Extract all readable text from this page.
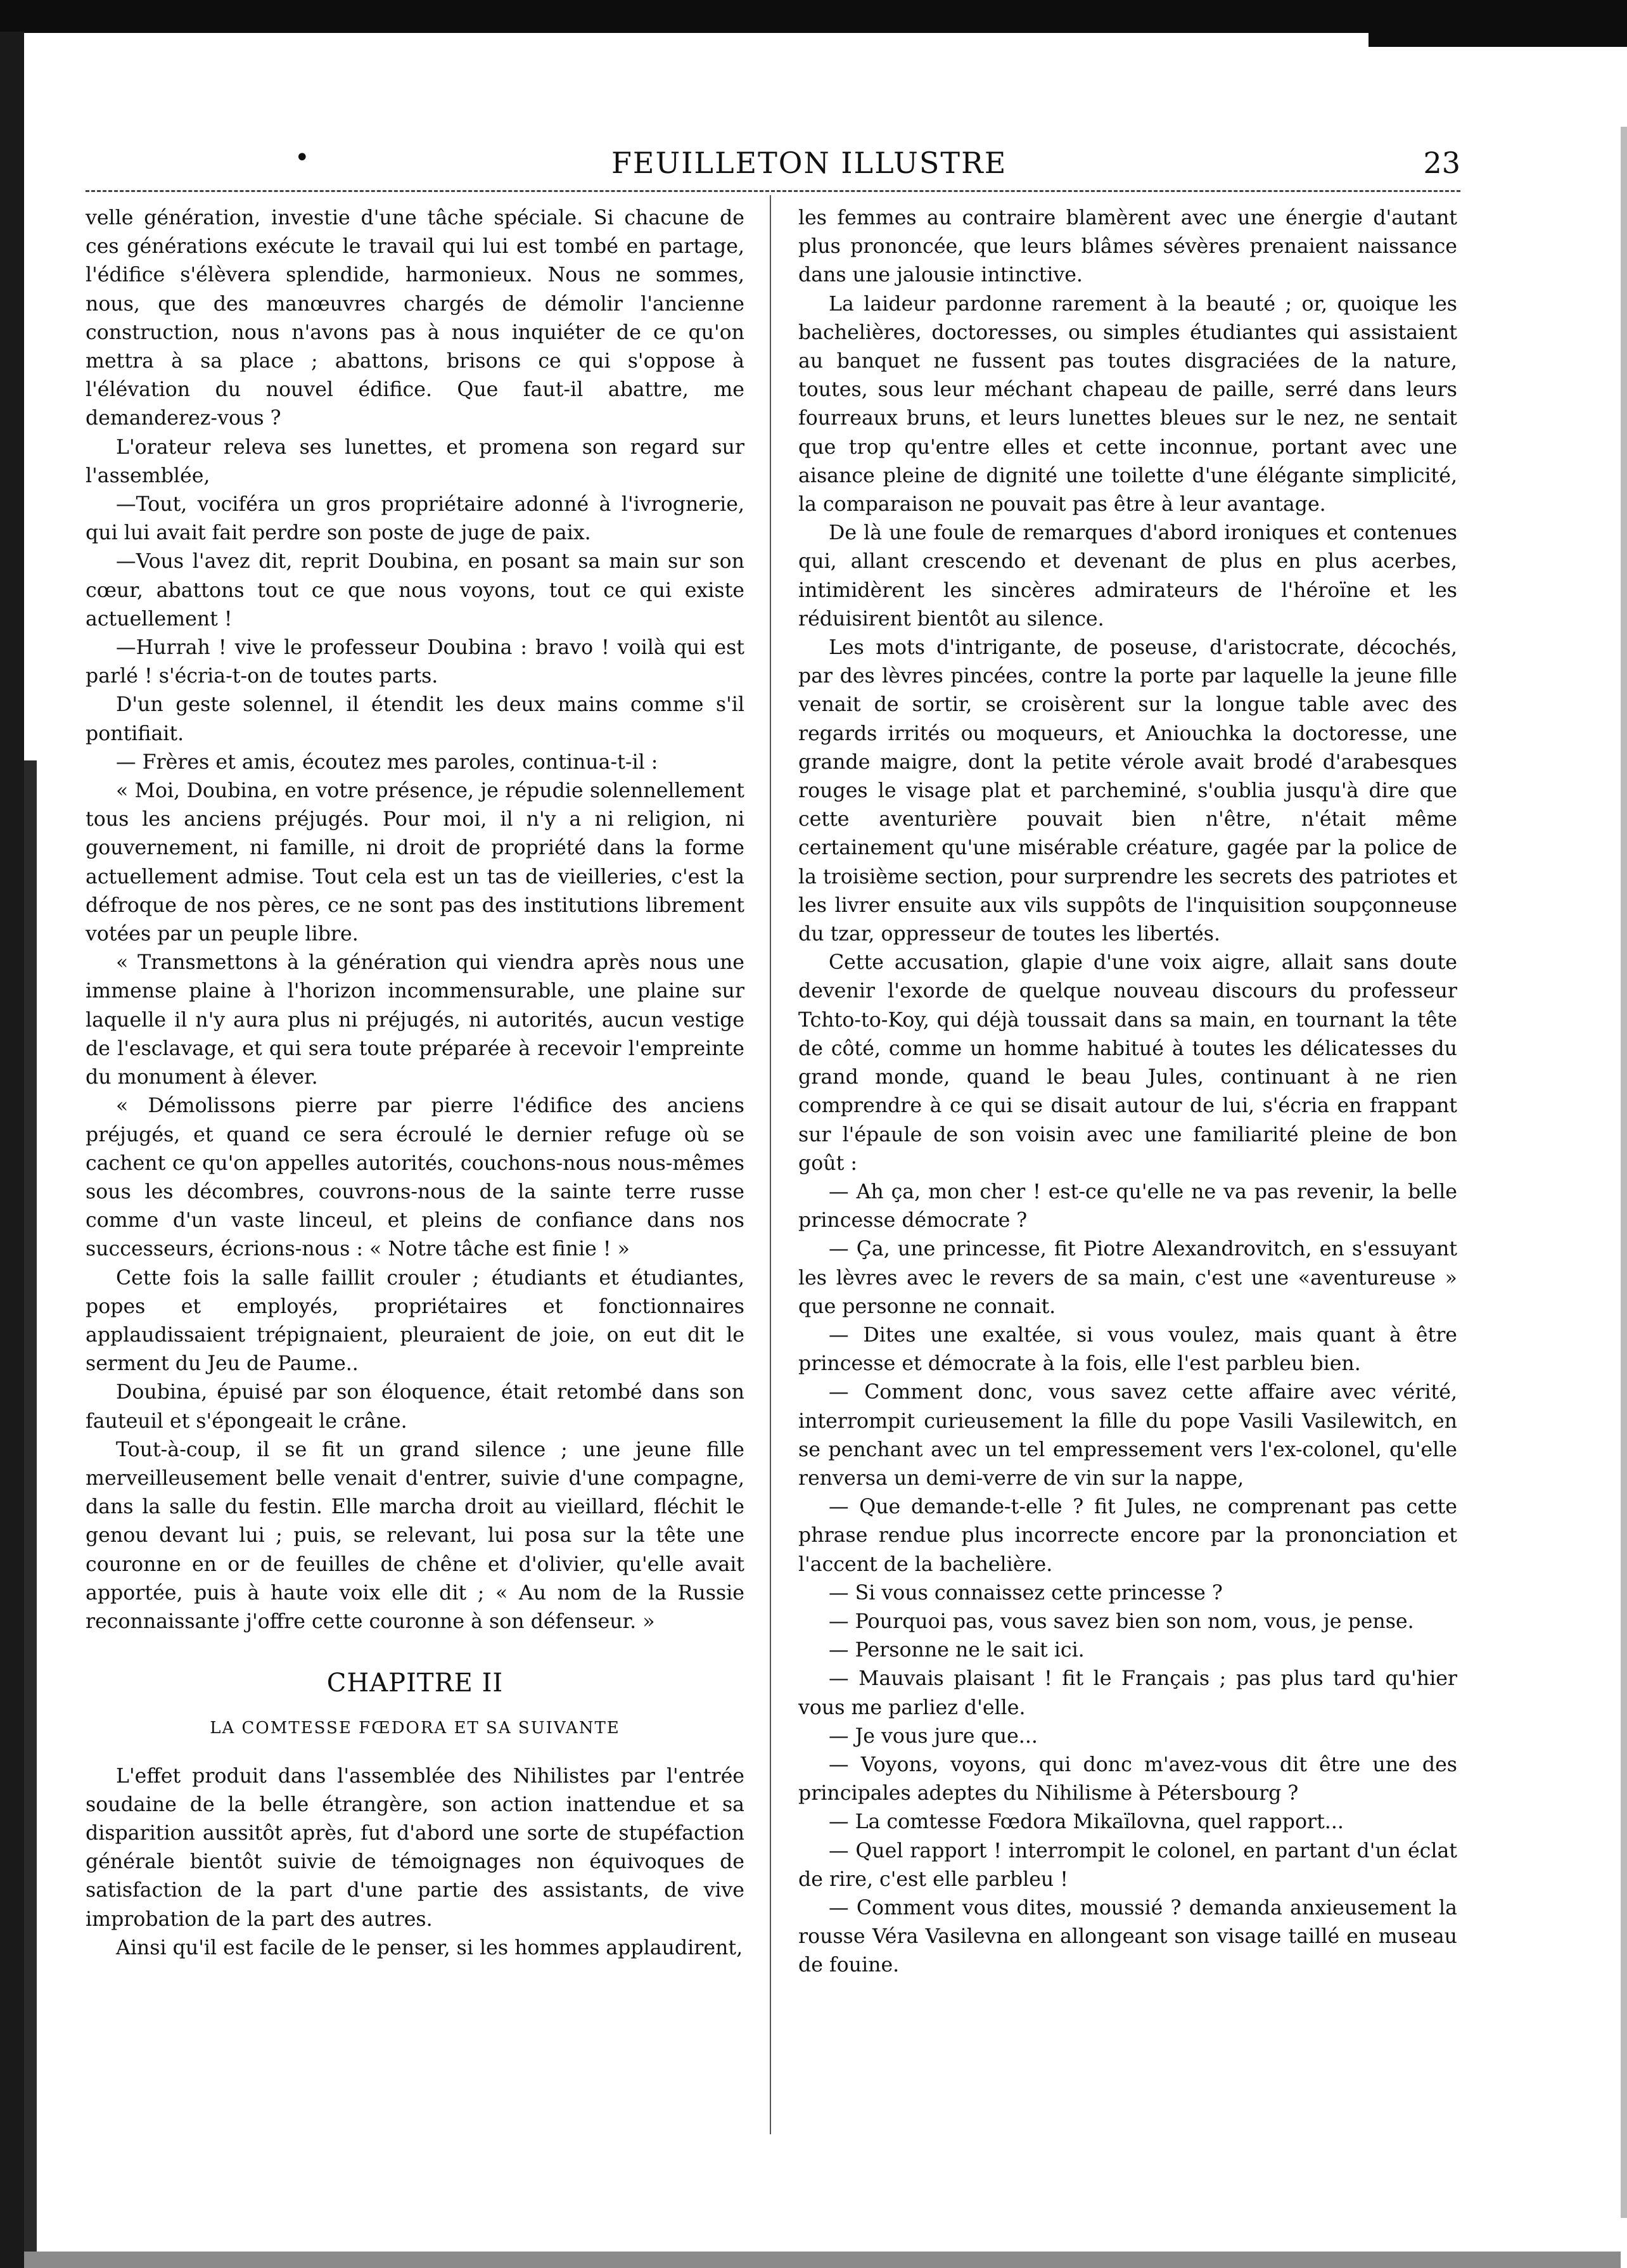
•	FEUILLETON ILLUSTRE	23

velle génération, investie d'une tâche spéciale. Si chacune de ces générations exécute le travail qui lui est tombé en partage, l'édifice s'élèvera splendide, harmonieux. Nous ne sommes, nous, que des manœuvres chargés de démolir l'ancienne construction, nous n'avons pas à nous inquiéter de ce qu'on mettra à sa place ; abattons, brisons ce qui s'oppose à l'élévation du nouvel édifice. Que faut-il abattre, me demanderez-vous ?

L'orateur releva ses lunettes, et promena son regard sur l'assemblée,

—Tout, vociféra un gros propriétaire adonné à l'ivrognerie, qui lui avait fait perdre son poste de juge de paix.

—Vous l'avez dit, reprit Doubina, en posant sa main sur son cœur, abattons tout ce que nous voyons, tout ce qui existe actuellement !

—Hurrah ! vive le professeur Doubina : bravo ! voilà qui est parlé ! s'écria-t-on de toutes parts.

D'un geste solennel, il étendit les deux mains comme s'il pontifiait.

— Frères et amis, écoutez mes paroles, continua-t-il :

« Moi, Doubina, en votre présence, je répudie solennellement tous les anciens préjugés. Pour moi, il n'y a ni religion, ni gouvernement, ni famille, ni droit de propriété dans la forme actuellement admise. Tout cela est un tas de vieilleries, c'est la défroque de nos pères, ce ne sont pas des institutions librement votées par un peuple libre.

« Transmettons à la génération qui viendra après nous une immense plaine à l'horizon incommensurable, une plaine sur laquelle il n'y aura plus ni préjugés, ni autorités, aucun vestige de l'esclavage, et qui sera toute préparée à recevoir l'empreinte du monument à élever.

« Démolissons pierre par pierre l'édifice des anciens préjugés, et quand ce sera écroulé le dernier refuge où se cachent ce qu'on appelles autorités, couchons-nous nous-mêmes sous les décombres, couvrons-nous de la sainte terre russe comme d'un vaste linceul, et pleins de confiance dans nos successeurs, écrions-nous : « Notre tâche est finie ! »

Cette fois la salle faillit crouler ; étudiants et étudiantes, popes et employés, propriétaires et fonctionnaires applaudissaient trépignaient, pleuraient de joie, on eut dit le serment du Jeu de Paume..

Doubina, épuisé par son éloquence, était retombé dans son fauteuil et s'épongeait le crâne.

Tout-à-coup, il se fit un grand silence ; une jeune fille merveilleusement belle venait d'entrer, suivie d'une compagne, dans la salle du festin. Elle marcha droit au vieillard, fléchit le genou devant lui ; puis, se relevant, lui posa sur la tête une couronne en or de feuilles de chêne et d'olivier, qu'elle avait apportée, puis à haute voix elle dit ; « Au nom de la Russie reconnaissante j'offre cette couronne à son défenseur. »

CHAPITRE II

LA COMTESSE FŒDORA ET SA SUIVANTE

L'effet produit dans l'assemblée des Nihilistes par l'entrée soudaine de la belle étrangère, son action inattendue et sa disparition aussitôt après, fut d'abord une sorte de stupéfaction générale bientôt suivie de témoignages non équivoques de satisfaction de la part d'une partie des assistants, de vive improbation de la part des autres.

Ainsi qu'il est facile de le penser, si les hommes applaudirent,

les femmes au contraire blamèrent avec une énergie d'autant plus prononcée, que leurs blâmes sévères prenaient naissance dans une jalousie intinctive.

La laideur pardonne rarement à la beauté ; or, quoique les bachelières, doctoresses, ou simples étudiantes qui assistaient au banquet ne fussent pas toutes disgraciées de la nature, toutes, sous leur méchant chapeau de paille, serré dans leurs fourreaux bruns, et leurs lunettes bleues sur le nez, ne sentait que trop qu'entre elles et cette inconnue, portant avec une aisance pleine de dignité une toilette d'une élégante simplicité, la comparaison ne pouvait pas être à leur avantage.

De là une foule de remarques d'abord ironiques et contenues qui, allant crescendo et devenant de plus en plus acerbes, intimidèrent les sincères admirateurs de l'héroïne et les réduisirent bientôt au silence.

Les mots d'intrigante, de poseuse, d'aristocrate, décochés, par des lèvres pincées, contre la porte par laquelle la jeune fille venait de sortir, se croisèrent sur la longue table avec des regards irrités ou moqueurs, et Aniouchka la doctoresse, une grande maigre, dont la petite vérole avait brodé d'arabesques rouges le visage plat et parcheminé, s'oublia jusqu'à dire que cette aventurière pouvait bien n'être, n'était même certainement qu'une misérable créature, gagée par la police de la troisième section, pour surprendre les secrets des patriotes et les livrer ensuite aux vils suppôts de l'inquisition soupçonneuse du tzar, oppresseur de toutes les libertés.

Cette accusation, glapie d'une voix aigre, allait sans doute devenir l'exorde de quelque nouveau discours du professeur Tchto-to-Koy, qui déjà toussait dans sa main, en tournant la tête de côté, comme un homme habitué à toutes les délicatesses du grand monde, quand le beau Jules, continuant à ne rien comprendre à ce qui se disait autour de lui, s'écria en frappant sur l'épaule de son voisin avec une familiarité pleine de bon goût :

— Ah ça, mon cher ! est-ce qu'elle ne va pas revenir, la belle princesse démocrate ?

— Ça, une princesse, fit Piotre Alexandrovitch, en s'essuyant les lèvres avec le revers de sa main, c'est une «aventureuse » que personne ne connait.

— Dites une exaltée, si vous voulez, mais quant à être princesse et démocrate à la fois, elle l'est parbleu bien.

— Comment donc, vous savez cette affaire avec vérité, interrompit curieusement la fille du pope Vasili Vasilewitch, en se penchant avec un tel empressement vers l'ex-colonel, qu'elle renversa un demi-verre de vin sur la nappe,

— Que demande-t-elle ? fit Jules, ne comprenant pas cette phrase rendue plus incorrecte encore par la prononciation et l'accent de la bachelière.

— Si vous connaissez cette princesse ?

— Pourquoi pas, vous savez bien son nom, vous, je pense.

— Personne ne le sait ici.

— Mauvais plaisant ! fit le Français ; pas plus tard qu'hier vous me parliez d'elle.

— Je vous jure que...

— Voyons, voyons, qui donc m'avez-vous dit être une des principales adeptes du Nihilisme à Pétersbourg ?

— La comtesse Fœdora Mikaïlovna, quel rapport...

— Quel rapport ! interrompit le colonel, en partant d'un éclat de rire, c'est elle parbleu !

— Comment vous dites, moussié ? demanda anxieusement la rousse Véra Vasilevna en allongeant son visage taillé en museau de fouine.
